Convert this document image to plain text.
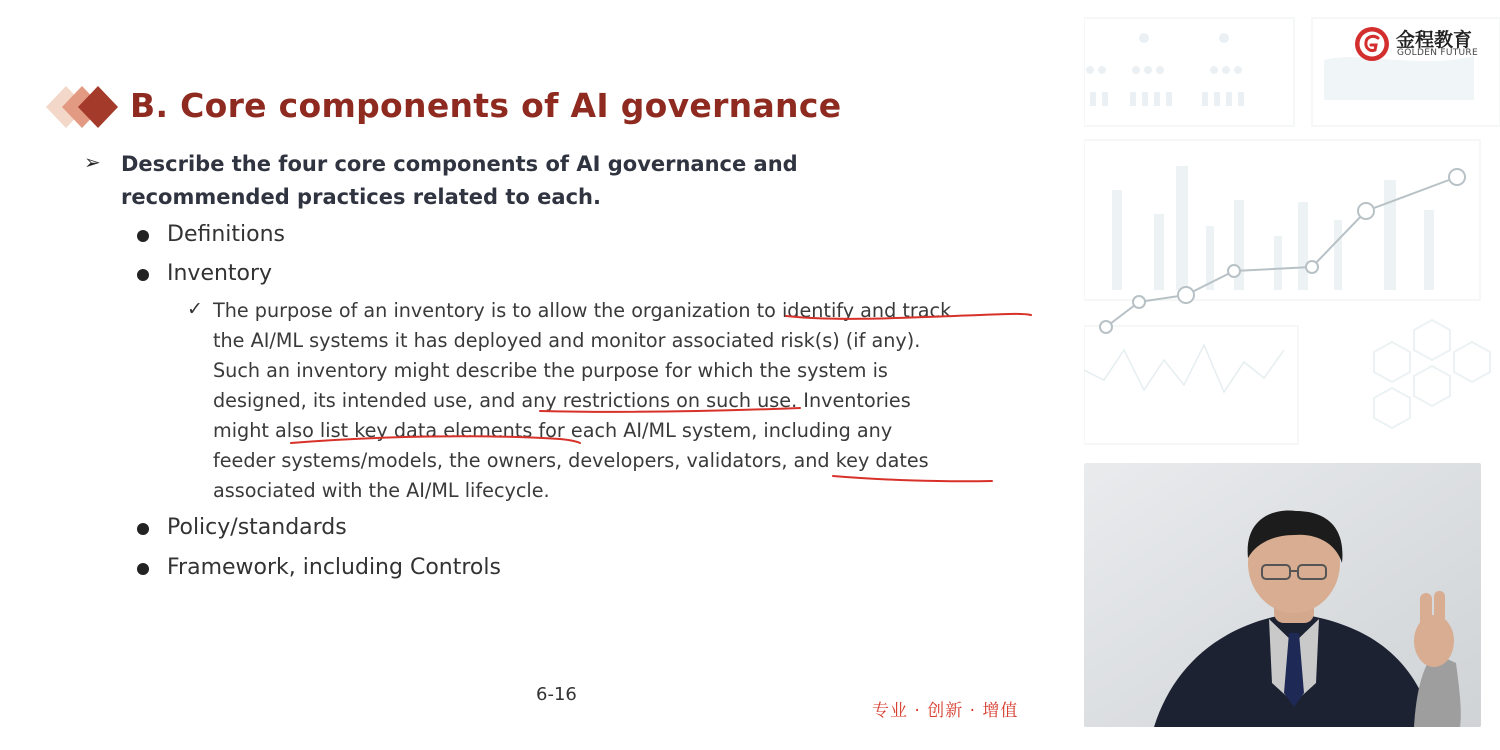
B. Core components of AI governance
➢ Describe the four core components of AI governance and
recommended practices related to each.

Definitions
Inventory
✓ The purpose of an inventory is to allow the organization to identify and track
the AI/ML systems it has deployed and monitor associated risk(s) (if any).
Such an inventory might describe the purpose for which the system is
designed, its intended use, and any restrictions on such use. Inventories
might also list key data elements for each AI/ML system, including any
feeder systems/models, the owners, developers, validators, and key dates
associated with the AI/ML lifecycle.

Policy/standards
Framework, including Controls
6-16
专业 · 创新 · 增值
金程教育
GOLDEN FUTURE
